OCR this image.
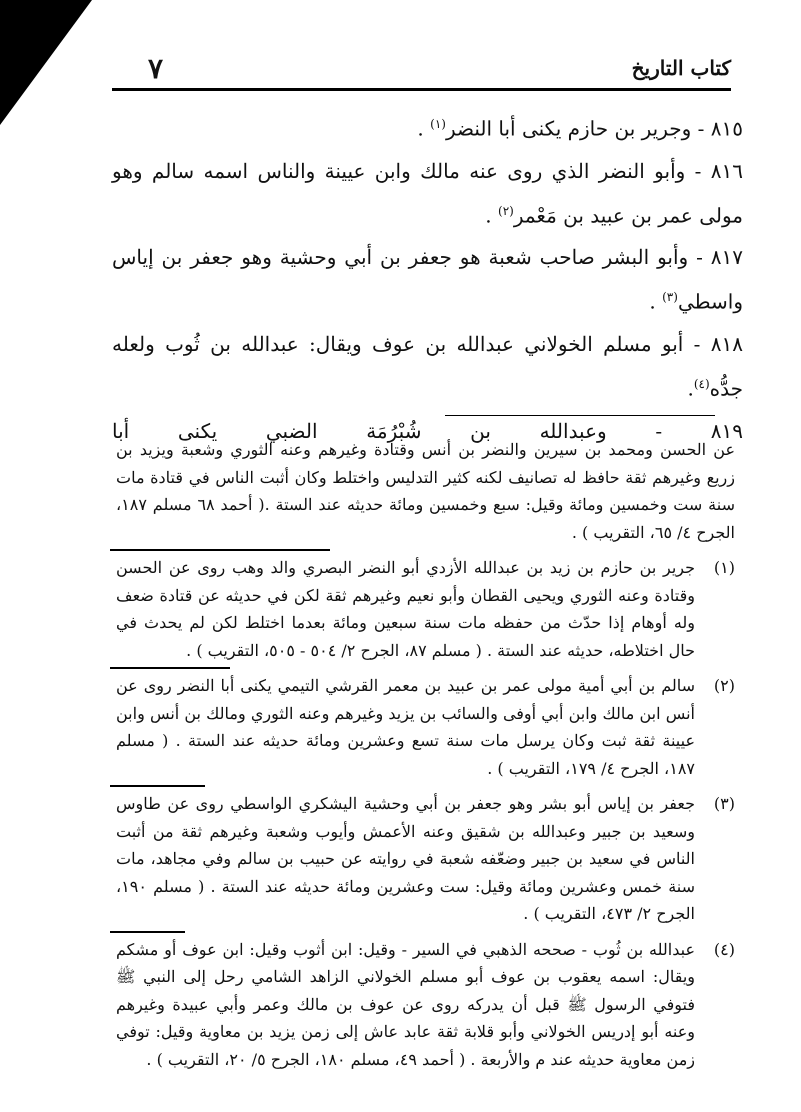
٧	كتاب التاريخ

٨١٥ - وجرير بن حازم يكنى أبا النضر$^{(١)}$ .

٨١٦ - وأبو النضر الذي روى عنه مالك وابن عيينة والناس اسمه سالم وهو مولى عمر بن عبيد بن مَعْمر$^{(٢)}$ .

٨١٧ - وأبو البشر صاحب شعبة هو جعفر بن أبي وحشية وهو جعفر بن إياس واسطي$^{(٣)}$ .

٨١٨ - أبو مسلم الخولاني عبدالله بن عوف ويقال: عبدالله بن ثُوب ولعله جدُّه$^{(٤)}$.

٨١٩ - وعبدالله بن شُبْرُمَة الضبي يكنى أبا

عن الحسن ومحمد بن سيرين والنضر بن أنس وقتادة وغيرهم وعنه الثوري وشعبة ويزيد بن زريع وغيرهم ثقة حافظ له تصانيف لكنه كثير التدليس واختلط وكان أثبت الناس في قتادة مات سنة ست وخمسين ومائة وقيل: سبع وخمسين ومائة حديثه عند الستة .( أحمد ٦٨ مسلم ١٨٧، الجرح ٤/ ٦٥، التقريب ) .

(١)

جرير بن حازم بن زيد بن عبدالله الأزدي أبو النضر البصري والد وهب روى عن الحسن وقتادة وعنه الثوري ويحيى القطان وأبو نعيم وغيرهم ثقة لكن في حديثه عن قتادة ضعف وله أوهام إذا حدّث من حفظه مات سنة سبعين ومائة بعدما اختلط لكن لم يحدث في حال اختلاطه، حديثه عند الستة . ( مسلم ٨٧، الجرح ٢/ ٥٠٤ - ٥٠٥، التقريب ) .

(٢)

سالم بن أبي أمية مولى عمر بن عبيد بن معمر القرشي التيمي يكنى أبا النضر روى عن أنس ابن مالك وابن أبي أوفى والسائب بن يزيد وغيرهم وعنه الثوري ومالك بن أنس وابن عيينة ثقة ثبت وكان يرسل مات سنة تسع وعشرين ومائة حديثه عند الستة . ( مسلم ١٨٧، الجرح ٤/ ١٧٩، التقريب ) .

(٣)

جعفر بن إياس أبو بشر وهو جعفر بن أبي وحشية اليشكري الواسطي روى عن طاوس وسعيد بن جبير وعبدالله بن شقيق وعنه الأعمش وأيوب وشعبة وغيرهم ثقة من أثبت الناس في سعيد بن جبير وضعّفه شعبة في روايته عن حبيب بن سالم وفي مجاهد، مات سنة خمس وعشرين ومائة وقيل: ست وعشرين ومائة حديثه عند الستة . ( مسلم ١٩٠، الجرح ٢/ ٤٧٣، التقريب ) .

(٤)

عبدالله بن ثُوب - صححه الذهبي في السير - وقيل: ابن أثوب وقيل: ابن عوف أو مشكم ويقال: اسمه يعقوب بن عوف أبو مسلم الخولاني الزاهد الشامي رحل إلى النبي ﷺ فتوفي الرسول ﷺ قبل أن يدركه روى عن عوف بن مالك وعمر وأبي عبيدة وغيرهم وعنه أبو إدريس الخولاني وأبو قلابة ثقة عابد عاش إلى زمن يزيد بن معاوية وقيل: توفي زمن معاوية حديثه عند م والأربعة . ( أحمد ٤٩، مسلم ١٨٠، الجرح ٥/ ٢٠، التقريب ) .
